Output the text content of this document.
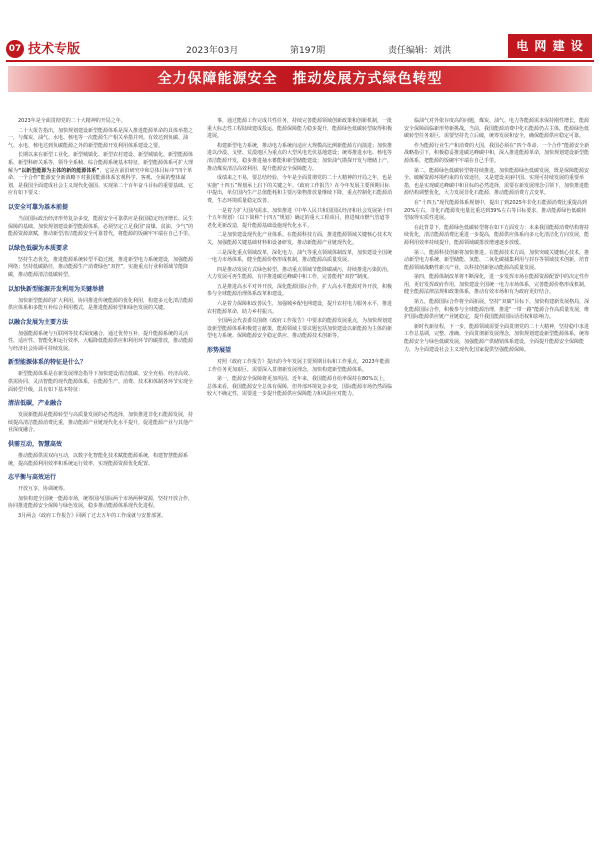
07 技术专版	2023年03月	第197期	责任编辑：刘洪	电 网 建 设
全力保障能源安全　推动发展方式绿色转型

2023年是全面贯彻党的二十大精神的开局之年。

二十大报告指出，加快规划建设新型能源体系是深入推进能源革命的具体举措之一，与煤炭、油气、水电、核电等一次能源生产相关举措并列。有效达到负碳、油气、水电、核电达到负碳能源之外的新型能源开发利用体系建设之要。

长期以来在新型工业化、新型城镇化、新型农村建设、新型城镇化、新型能源体系、新型科研关系等，领导全系帧、综合能源系统基本特征，新型能源体系可扩大理解为“以新型能源为主体的新的能源体系”，它是在前沿研究中和总体目标中“四个革命、一个合作”能源安全新战略下对我国能源体系宏观科学、客观、全面的整体谋划，是我国全面建成社会主义现代化强国、实现第二个百年奋斗目标的重要基础。它应有如下要义：

以安全可靠为基本前提

当前国际政治经济形势复杂多变，能源安全可靠供应是我国稳定经济增长、民生保障的基础。加快规划建设新型能源体系，必须坚定立足我国“富煤、贫油、少气”的能源资源禀赋，推动新型清洁能源安全可靠替代，将能源的饭碗牢牢端在自己手里。

以绿色低碳为本质要求

坚持生态优先，推进能源系统转型平稳过渡，推进新型电力系统建设，加强能源网络；坚持低碳路径，推动能源生产消费绿色“双控”，实施重点行业和领域节能降碳，推动能源清洁低碳转型。

以加快新型能源开发利用为关键举措

加快新型能源的扩大利用，协同推进传统能源的优化利用，构建多元化清洁能源供应体系和多能互补综合利用模式，是推进能源转型和绿色发展的关键。

以融合发展为主要方法

加强能源系统与互联网等技术深度融合，通过优势互补、提升能源系统的灵活性，适应性、智能化和运行效率，大幅降低能源供应和利用环节的碳排放，推动能源与经济社会协调可持续发展。

新型能源体系的特征是什么？

新型能源体系是在新发展理念指导下加快建设清洁低碳、安全充裕、经济高效、供需协同、灵活智能的现代能源体系，在能源生产、消费、技术和体制各环节实现全面转型升级，具有如下基本特征：

清洁低碳，产业融合

发展新能源是能源转型与高质量发展的必然选择，加快推进非化石能源发展，持续提高清洁能源消费比重，推动能源产业链现代化水平提升，促进能源产业与其他产业深度融合。

供需互动，智慧高效

推动能源供需双向互动，以数字化智能化技术赋能能源系统，构建智慧能源系统，提高能源利用效率和系统运行效率，实现能源资源优化配置。

志平衡与高效运行

开放互享，协调统筹。

加快构建全国统一能源市场，统筹国内国际两个市场两种资源，坚持开放合作，协同推进能源安全保障与绿色发展，稳步推动能源体系现代化进程。

3月两会《政府工作报告》回顾了过去五年的工作成就与安排部署。

事，通过能源工作完成共性任务，持续完善能源领域创新政策和创新机制，一批重大标志性工程陆续建成投运，能源保障能力稳步提升，能源绿色低碳转型取得积极进展。

构建新型电力系统，推动电力系统向适应大规模高比例新能源方向演进；加快推进以沙漠、戈壁、荒漠地区为重点的大型风电光伏基地建设；统筹推进水电、核电等清洁能源开发，稳步推进抽水蓄能和新型储能建设；加快油气勘探开发与增储上产，推动煤炭清洁高效利用，提升能源安全保障能力。

成绩来之不易，要总结经验，今年是全面贯彻党的二十大精神的开局之年，也是实施“十四五”规划承上启下的关键之年。《政府工作报告》在今年发展主要预期目标中提出，单位国内生产总值能耗和主要污染物排放量继续下降，重点控制化石能源消费，生态环境质量稳定改善。

一是着力扩大国内需求。加快推进《中华人民共和国国民经济和社会发展第十四个五年规划》（以下简称“十四五”规划）确定的重大工程项目，推进城市燃气管道等老化更新改造，提升能源基础设施现代化水平。

二是加快建设现代化产业体系。在能源科技方面，推进能源领域关键核心技术攻关，加强能源关键基础材料和设备研发，推动新能源产业链现代化。

三是深化重点领域改革，深化电力、油气等重点领域体制改革，加快建设全国统一电力市场体系，健全能源价格形成机制，推动能源高质量发展。

四是推动发展方式绿色转型。推动重点领域节能降碳减污，持续推进污染防治，大力发展可再生能源，有序推进碳达峰碳中和工作，完善能耗“双控”制度。

五是推进高水平对外开放，深化能源国际合作，扩大高水平能源对外开放，积极参与全球能源治理体系改革和建设。

六是着力保障和改善民生，加强城乡配电网建设，提升农村电力服务水平，推进农村能源革命，助力乡村振兴。

全国两会代表委员围绕《政府工作报告》中要求的能源发展重点，为加快规划建设新型能源体系积极建言献策，能源领域主要议题包括加快建设以新能源为主体的新型电力系统、保障能源安全稳定供应、推动能源技术创新等。

形势展望

对照《政府工作报告》提出的今年发展主要预期目标和工作重点，2023年能源工作任务更加艰巨，需要深入贯彻新发展理念，加快构建新型能源体系。

第一，能源安全保障将更加巩固。近年来，我国能源自给率保持在80%以上，总体来看，我国能源安全总体有保障，但外部环境复杂多变，国际能源市场仍然面临较大不确定性，需要进一步提升能源供应保障能力和风险应对能力。

临油气对外依存度高的问题，煤炭、油气、电力等能源需求保持刚性增长，能源安全保障面临新形势新挑战。当前，我国能源消费中化石能源仍占主体，能源绿色低碳转型任务艰巨，需要坚持先立后破，统筹发展和安全，确保能源供应稳定可靠。

作为能源行业生产和消费的大国，我国必须在“四个革命、一个合作”能源安全新战略指引下，积极稳妥推进碳达峰碳中和，深入推进能源革命，加快规划建设新型能源体系，把能源的饭碗牢牢端在自己手里。

第二，能源绿色低碳转型将持续推进。加快能源绿色低碳发展，既是保障能源安全、破解资源环境约束的有效途径，又是建设美丽中国、实现可持续发展的重要举措，也是实现碳达峰碳中和目标的必然选择，需要在新发展理念引领下，加快推进能源结构调整优化，大力发展非化石能源，推动能源消费方式变革。

在“十四五”现代能源体系规划中，提出了到2025年非化石能源消费比重提高到20%左右，非化石能源发电量比重达到39%左右等目标要求，推动能源绿色低碳转型取得实质性进展。

在此背景下，能源绿色低碳转型将在如下方面发力：未来我国能源消费结构将持续优化，清洁能源消费比重进一步提高，能源供应体系向多元化清洁化方向发展，能源利用效率持续提升，能源领域碳排放增速逐步放缓。

第三，能源科技创新将加快推进。在能源技术方面，加快突破关键核心技术，推动新型电力系统、新型储能、氢能、二氧化碳捕集利用与封存等领域技术创新，培育能源领域战略性新兴产业，以科技创新驱动能源高质量发展。

第四，能源体制改革将不断深化，进一步发挥市场在能源资源配置中的决定性作用，更好发挥政府作用，加快建设全国统一电力市场体系，完善能源价格形成机制，健全能源法律法规和政策体系，推动有效市场和有为政府更好结合。

第五，能源国际合作将全面拓展。坚持“双碳”目标下，加快构建新发展格局，深化能源国际合作，积极参与全球能源治理，推进“一带一路”能源合作高质量发展，维护国际能源供应链产业链稳定，提升我国能源国际话语权和影响力。

新时代新征程，下一步，能源领域需要全面贯彻党的二十大精神，坚持稳中求进工作总基调，完整、准确、全面贯彻新发展理念，加快规划建设新型能源体系，统筹能源安全与绿色低碳发展，加强能源产供储销体系建设，全面提升能源安全保障能力，为全面建设社会主义现代化国家提供坚强能源保障。
